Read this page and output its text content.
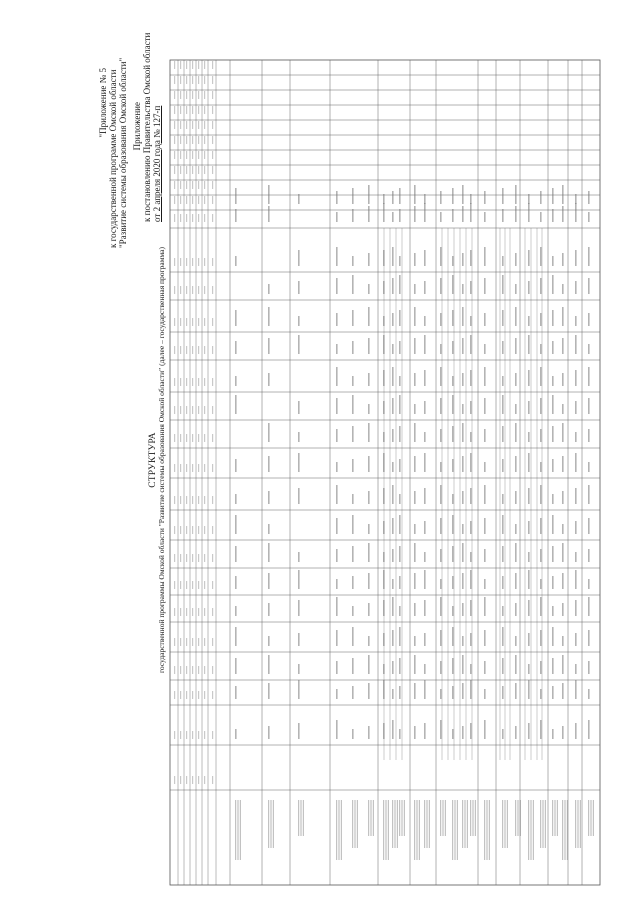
Приложение к постановлению Правительства Омской области от 2 апреля 2020 года № 127-п
"Приложение № 5 к государственной программе Омской области "Развитие системы образования Омской области"
СТРУКТУРА государственной программы Омской области "Развитие системы образования Омской области" (далее – государственная программа)
